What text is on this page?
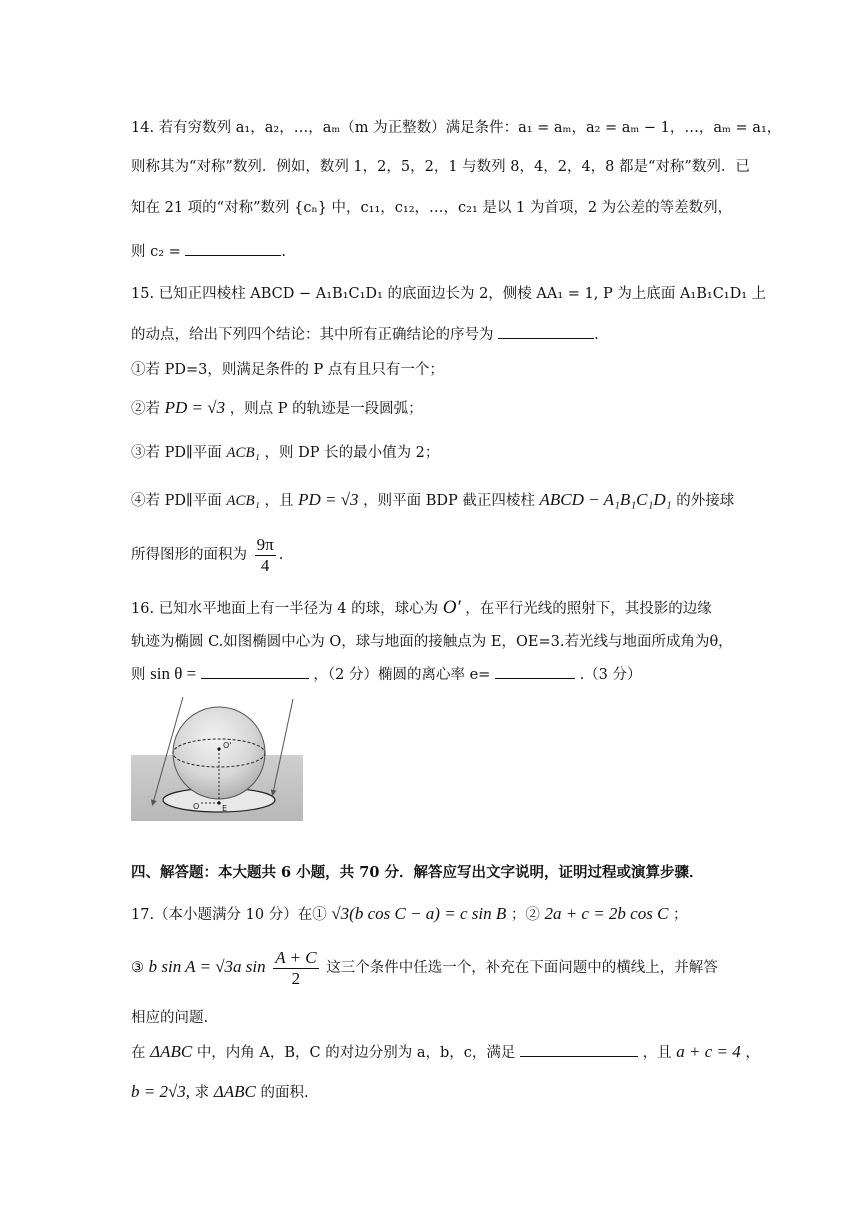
14. 若有穷数列 a₁，a₂，…，aₘ（m 为正整数）满足条件：a₁ = aₘ，a₂ = aₘ − 1，…，aₘ = a₁，
则称其为“对称”数列．例如，数列 1，2，5，2，1 与数列 8，4，2，4，8 都是“对称”数列．已
知在 21 项的“对称”数列 {cₙ} 中，c₁₁，c₁₂，…，c₂₁ 是以 1 为首项，2 为公差的等差数列，
则 c₂ =	.
15. 已知正四棱柱 ABCD − A₁B₁C₁D₁ 的底面边长为 2，侧棱 AA₁ = 1, P 为上底面 A₁B₁C₁D₁ 上
的动点，给出下列四个结论：其中所有正确结论的序号为	.
①若 PD=3，则满足条件的 P 点有且只有一个；
②若 PD = √3 ，则点 P 的轨迹是一段圆弧；
③若 PD∥平面 ACB₁ ，则 DP 长的最小值为 2；
④若 PD∥平面 ACB₁ ，且 PD = √3 ，则平面 BDP 截正四棱柱 ABCD − A₁B₁C₁D₁ 的外接球
所得图形的面积为 $\frac{9\pi}{4}$ .
16. 已知水平地面上有一半径为 4 的球，球心为 O′ ，在平行光线的照射下，其投影的边缘
轨迹为椭圆 C.如图椭圆中心为 O，球与地面的接触点为 E，OE=3.若光线与地面所成角为θ，
则 sin θ =	，（2 分）椭圆的离心率 e=	.（3 分）
O'
O	E
四、解答题：本大题共 6 小题，共 70 分．解答应写出文字说明，证明过程或演算步骤．
17.（本小题满分 10 分）在① √3(b cos C − a) = c sin B ；② 2a + c = 2b cos C ；
③ b sin A = √3a $\sin \frac{A + C}{2}$ 这三个条件中任选一个，补充在下面问题中的横线上，并解答
相应的问题.
在 ΔABC 中，内角 A，B，C 的对边分别为 a，b，c，满足	，且 a + c = 4 ，
b = 2√3, 求 ΔABC 的面积.
